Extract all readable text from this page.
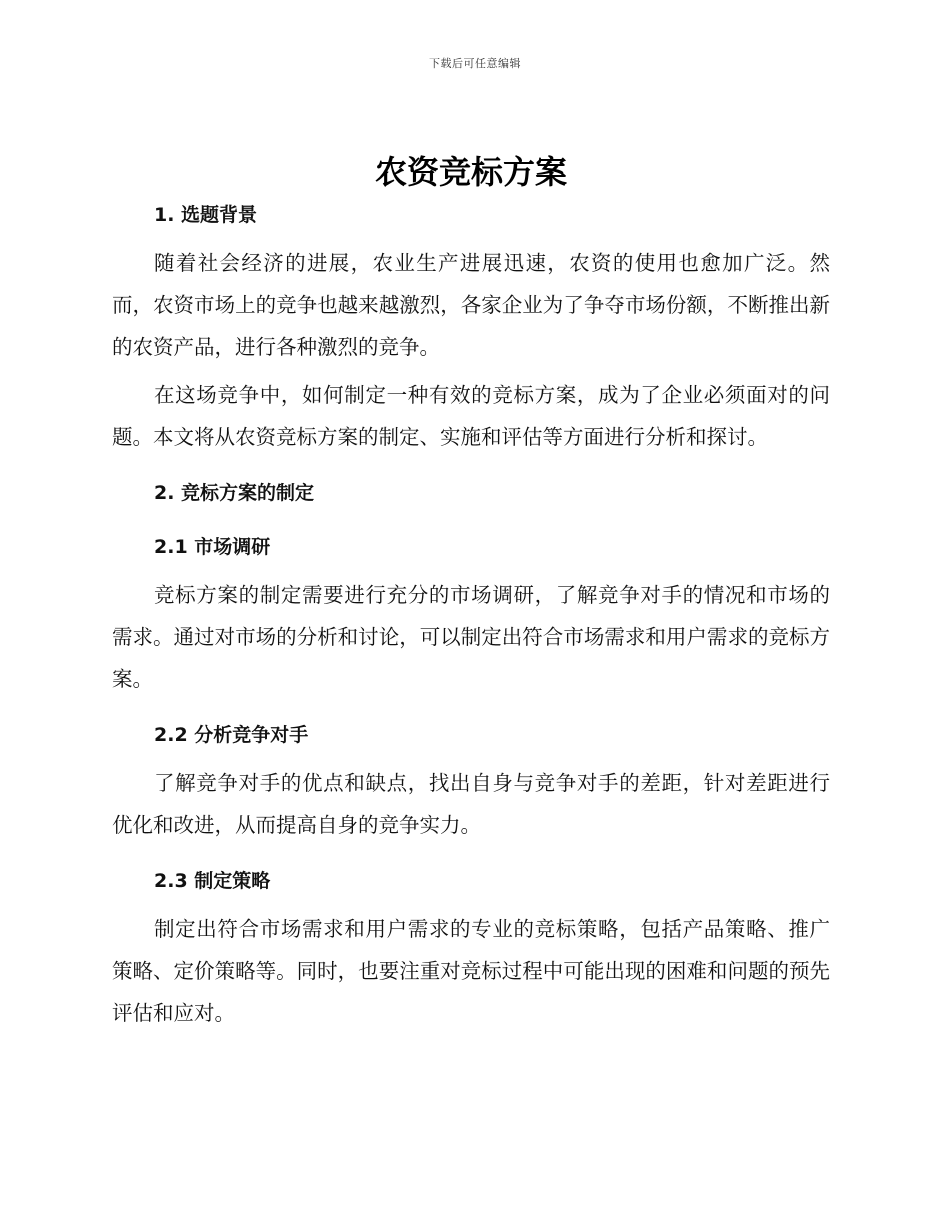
下载后可任意编辑
农资竞标方案
1. 选题背景

随着社会经济的进展，农业生产进展迅速，农资的使用也愈加广泛。然而，农资市场上的竞争也越来越激烈，各家企业为了争夺市场份额，不断推出新的农资产品，进行各种激烈的竞争。

在这场竞争中，如何制定一种有效的竞标方案，成为了企业必须面对的问题。本文将从农资竞标方案的制定、实施和评估等方面进行分析和探讨。

2. 竞标方案的制定
2.1 市场调研

竞标方案的制定需要进行充分的市场调研，了解竞争对手的情况和市场的需求。通过对市场的分析和讨论，可以制定出符合市场需求和用户需求的竞标方案。

2.2 分析竞争对手

了解竞争对手的优点和缺点，找出自身与竞争对手的差距，针对差距进行优化和改进，从而提高自身的竞争实力。

2.3 制定策略

制定出符合市场需求和用户需求的专业的竞标策略，包括产品策略、推广策略、定价策略等。同时，也要注重对竞标过程中可能出现的困难和问题的预先评估和应对。
